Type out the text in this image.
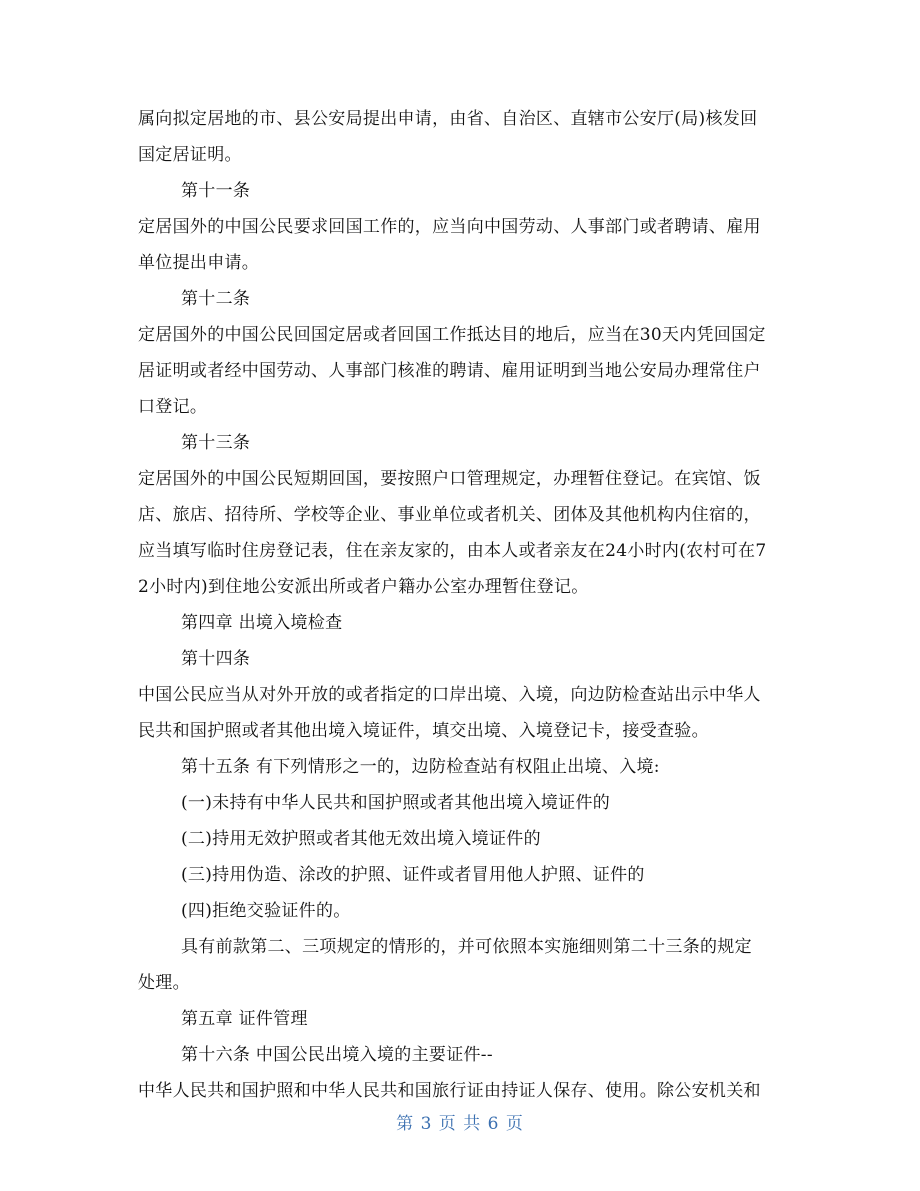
属向拟定居地的市、县公安局提出申请，由省、自治区、直辖市公安厅(局)核发回
国定居证明。
第十一条
定居国外的中国公民要求回国工作的，应当向中国劳动、人事部门或者聘请、雇用
单位提出申请。
第十二条
定居国外的中国公民回国定居或者回国工作抵达目的地后，应当在30天内凭回国定
居证明或者经中国劳动、人事部门核准的聘请、雇用证明到当地公安局办理常住户
口登记。
第十三条
定居国外的中国公民短期回国，要按照户口管理规定，办理暂住登记。在宾馆、饭
店、旅店、招待所、学校等企业、事业单位或者机关、团体及其他机构内住宿的，
应当填写临时住房登记表，住在亲友家的，由本人或者亲友在24小时内(农村可在7
2小时内)到住地公安派出所或者户籍办公室办理暂住登记。
第四章 出境入境检查
第十四条
中国公民应当从对外开放的或者指定的口岸出境、入境，向边防检查站出示中华人
民共和国护照或者其他出境入境证件，填交出境、入境登记卡，接受查验。
第十五条 有下列情形之一的，边防检查站有权阻止出境、入境:
(一)未持有中华人民共和国护照或者其他出境入境证件的
(二)持用无效护照或者其他无效出境入境证件的
(三)持用伪造、涂改的护照、证件或者冒用他人护照、证件的
(四)拒绝交验证件的。
具有前款第二、三项规定的情形的，并可依照本实施细则第二十三条的规定
处理。
第五章 证件管理
第十六条 中国公民出境入境的主要证件--
中华人民共和国护照和中华人民共和国旅行证由持证人保存、使用。除公安机关和
第 3 页 共 6 页
